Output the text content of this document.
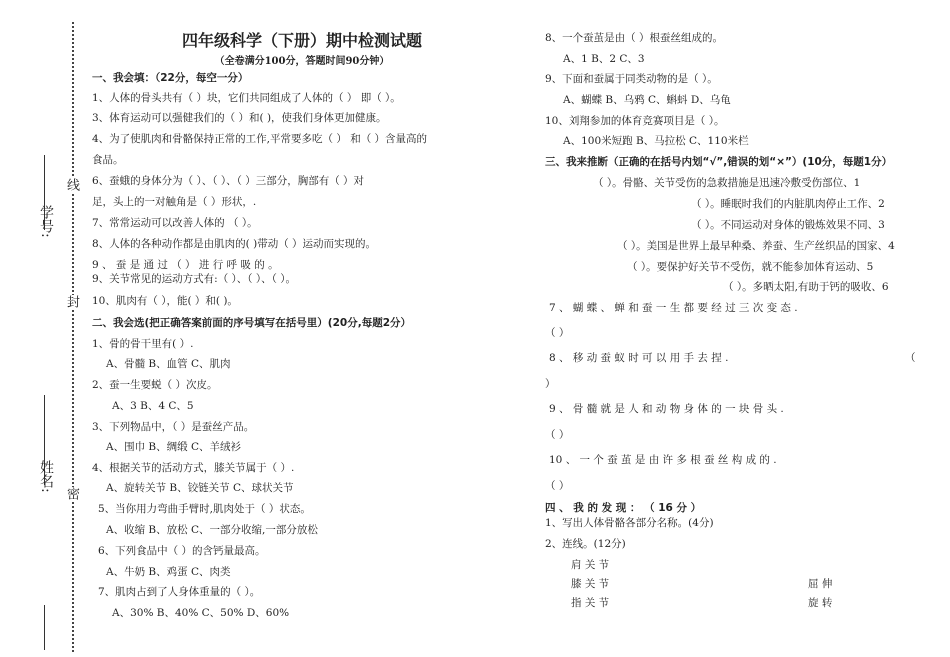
学号:
姓名:
线
封
密
四年级科学（下册）期中检测试题
（全卷满分100分，答题时间90分钟）
一、我会填：（22分，每空一分）
1、人体的骨头共有（ ）块，它们共同组成了人体的（ ） 即（ ）。
3、体育运动可以强健我们的（ ）和( )，使我们身体更加健康。
4、为了使肌肉和骨骼保持正常的工作,平常要多吃（ ） 和（ ）含量高的
食品。
6、蚕蛾的身体分为（ ）、（ ）、（ ）三部分，胸部有（ ）对
足，头上的一对触角是（ ）形状，.
7、常常运动可以改善人体的 （ ）。
8、人体的各种动作都是由肌肉的( )带动（ ）运动而实现的。
9 、 蚕 是 通 过 （ ） 进 行 呼 吸 的 。
9、关节常见的运动方式有:（ ）、（ ）、（ ）。
10、肌肉有（ ），能( ）和( )。
二、我会选(把正确答案前面的序号填写在括号里）(20分,每题2分）
1、骨的骨干里有( ）.
A、骨髓 B、血管 C、肌肉
2、蚕一生要蜕（ ）次皮。
A、3 B、4 C、5
3、下列物品中，（ ）是蚕丝产品。
A、围巾 B、绸缎 C、羊绒衫
4、根据关节的活动方式，膝关节属于（ ）.
A、旋转关节 B、铰链关节 C、球状关节
5、当你用力弯曲手臂时,肌肉处于（ ）状态。
A、收缩 B、放松 C、一部分收缩,一部分放松
6、下列食品中（ ）的含钙量最高。
A、牛奶 B、鸡蛋 C、肉类
7、肌肉占到了人身体重量的（ ）。
A、30% B、40% C、50% D、60%
8、一个蚕茧是由（ ）根蚕丝组成的。
A、1 B、2 C、3
9、下面和蚕属于同类动物的是（ ）。
A、蝴蝶 B、乌鸦 C、蝌蚪 D、乌龟
10、刘翔参加的体育竞赛项目是（ ）。
A、100米短跑 B、马拉松 C、110米栏
三、我来推断（正确的在括号内划“√”,错误的划“×”）(10分，每题1分）
（ ）。骨骼、关节受伤的急救措施是迅速冷敷受伤部位、1
（ ）。睡眠时我们的内脏肌肉停止工作、2
（ ）。不同运动对身体的锻炼效果不同、3
（ ）。美国是世界上最早种桑、养蚕、生产丝织品的国家、4
（ ）。要保护好关节不受伤，就不能参加体育运动、5
（ ）。多晒太阳,有助于钙的吸收、6
7 、 蝴 蝶 、 蝉 和 蚕 一 生 都 要 经 过 三 次 变 态 .
（ ）
8 、 移 动 蚕 蚁 时 可 以 用 手 去 捏 .	（
）
9 、 骨 髓 就 是 人 和 动 物 身 体 的 一 块 骨 头 .
（ ）
10 、 一 个 蚕 茧 是 由 许 多 根 蚕 丝 构 成 的 .
（ ）
四 、 我 的 发 现 ： （ 16 分 ）
1、写出人体骨骼各部分名称。(4分)
2、连线。(12分)
肩 关 节
膝 关 节
指 关 节
屈 伸
旋 转
